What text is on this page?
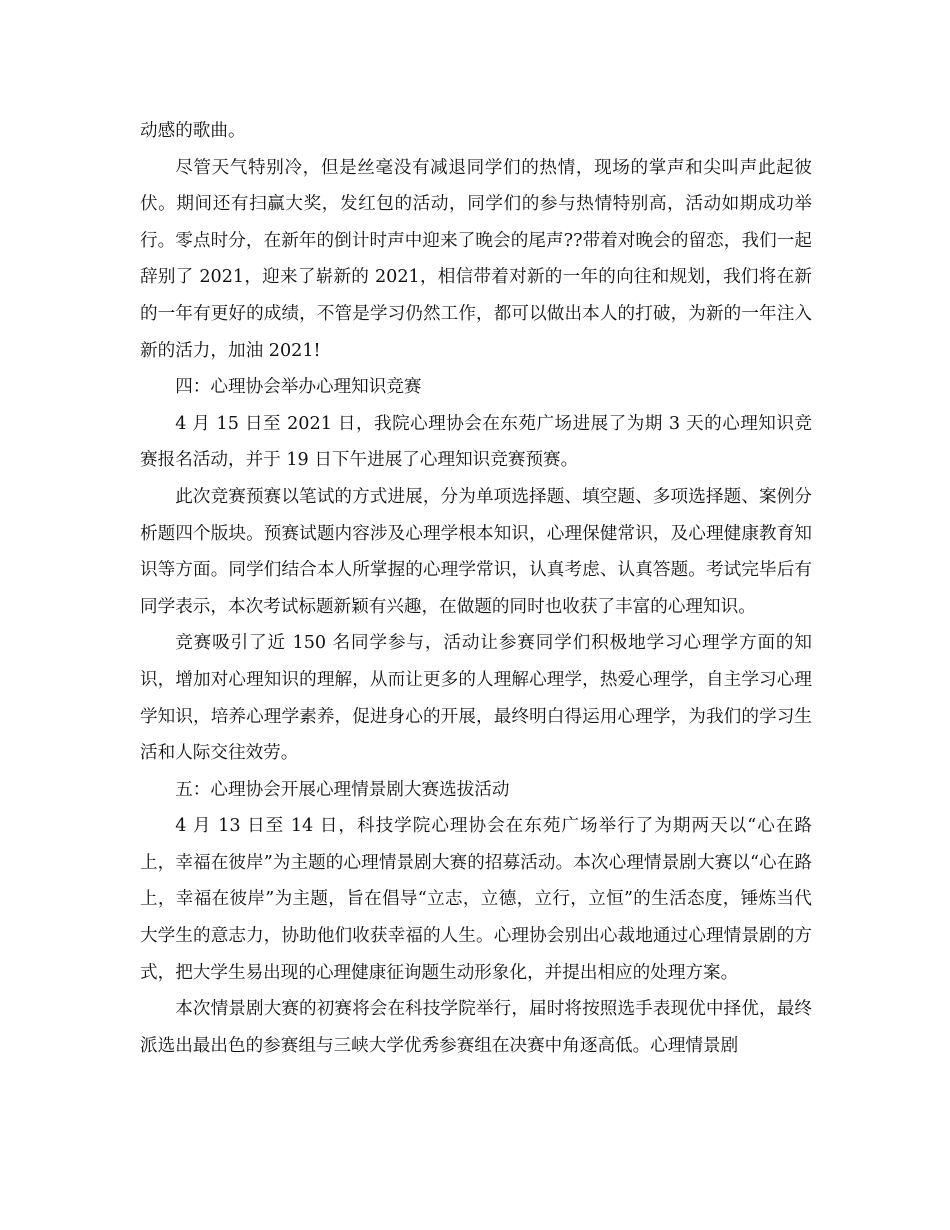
动感的歌曲。

尽管天气特别冷，但是丝毫没有减退同学们的热情，现场的掌声和尖叫声此起彼伏。期间还有扫赢大奖，发红包的活动，同学们的参与热情特别高，活动如期成功举行。零点时分，在新年的倒计时声中迎来了晚会的尾声??带着对晚会的留恋，我们一起辞别了 2021，迎来了崭新的 2021，相信带着对新的一年的向往和规划，我们将在新的一年有更好的成绩，不管是学习仍然工作，都可以做出本人的打破，为新的一年注入新的活力，加油 2021!

四：心理协会举办心理知识竞赛

4 月 15 日至 2021 日，我院心理协会在东苑广场进展了为期 3 天的心理知识竞赛报名活动，并于 19 日下午进展了心理知识竞赛预赛。

此次竞赛预赛以笔试的方式进展，分为单项选择题、填空题、多项选择题、案例分析题四个版块。预赛试题内容涉及心理学根本知识，心理保健常识，及心理健康教育知识等方面。同学们结合本人所掌握的心理学常识，认真考虑、认真答题。考试完毕后有同学表示，本次考试标题新颖有兴趣，在做题的同时也收获了丰富的心理知识。

竞赛吸引了近 150 名同学参与，活动让参赛同学们积极地学习心理学方面的知识，增加对心理知识的理解，从而让更多的人理解心理学，热爱心理学，自主学习心理学知识，培养心理学素养，促进身心的开展，最终明白得运用心理学，为我们的学习生活和人际交往效劳。

五：心理协会开展心理情景剧大赛选拔活动

4 月 13 日至 14 日，科技学院心理协会在东苑广场举行了为期两天以“心在路上，幸福在彼岸”为主题的心理情景剧大赛的招募活动。本次心理情景剧大赛以“心在路上，幸福在彼岸”为主题，旨在倡导“立志，立德，立行，立恒”的生活态度，锤炼当代大学生的意志力，协助他们收获幸福的人生。心理协会别出心裁地通过心理情景剧的方式，把大学生易出现的心理健康征询题生动形象化，并提出相应的处理方案。

本次情景剧大赛的初赛将会在科技学院举行，届时将按照选手表现优中择优，最终派选出最出色的参赛组与三峡大学优秀参赛组在决赛中角逐高低。心理情景剧
